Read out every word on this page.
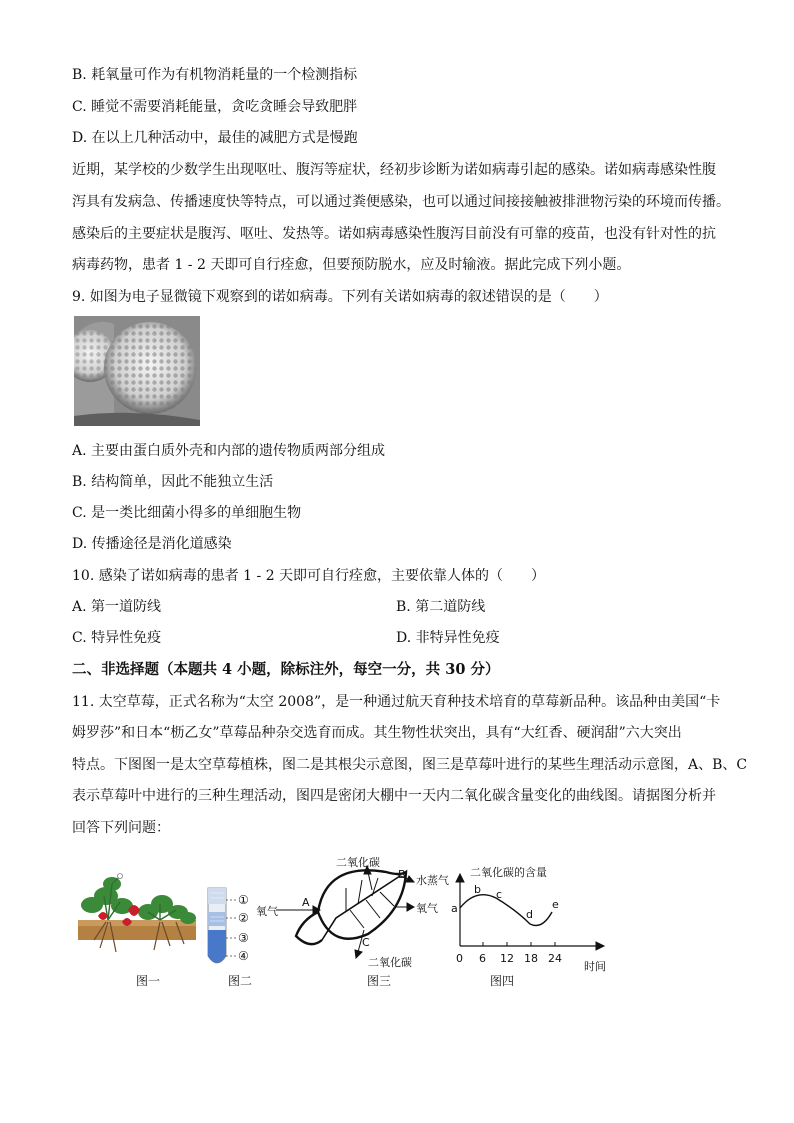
B. 耗氧量可作为有机物消耗量的一个检测指标
C. 睡觉不需要消耗能量，贪吃贪睡会导致肥胖
D. 在以上几种活动中，最佳的减肥方式是慢跑
近期，某学校的少数学生出现呕吐、腹泻等症状，经初步诊断为诺如病毒引起的感染。诺如病毒感染性腹
泻具有发病急、传播速度快等特点，可以通过粪便感染，也可以通过间接接触被排泄物污染的环境而传播。
感染后的主要症状是腹泻、呕吐、发热等。诺如病毒感染性腹泻目前没有可靠的疫苗，也没有针对性的抗
病毒药物，患者 1 - 2 天即可自行痊愈，但要预防脱水，应及时输液。据此完成下列小题。
9. 如图为电子显微镜下观察到的诺如病毒。下列有关诺如病毒的叙述错误的是（　　）
A. 主要由蛋白质外壳和内部的遗传物质两部分组成
B. 结构简单，因此不能独立生活
C. 是一类比细菌小得多的单细胞生物
D. 传播途径是消化道感染
10. 感染了诺如病毒的患者 1 - 2 天即可自行痊愈，主要依靠人体的（　　）
A. 第一道防线	B. 第二道防线
C. 特异性免疫	D. 非特异性免疫
二、非选择题（本题共 4 小题，除标注外，每空一分，共 30 分）
11. 太空草莓，正式名称为“太空 2008”，是一种通过航天育种技术培育的草莓新品种。该品种由美国“卡
姆罗莎”和日本“枥乙女”草莓品种杂交选育而成。其生物性状突出，具有“大红香、硬润甜”六大突出
特点。下图图一是太空草莓植株，图二是其根尖示意图，图三是草莓叶进行的某些生理活动示意图，A、B、C
表示草莓叶中进行的三种生理活动，图四是密闭大棚中一天内二氧化碳含量变化的曲线图。请据图分析并
回答下列问题：
①
②
③
④
二氧化碳
B 水蒸气
A
氧气	氧气
C
二氧化碳
二氧化碳的含量
a
b c
d
e
0 6 12 18 24
时间
图一	图二	图三	图四
